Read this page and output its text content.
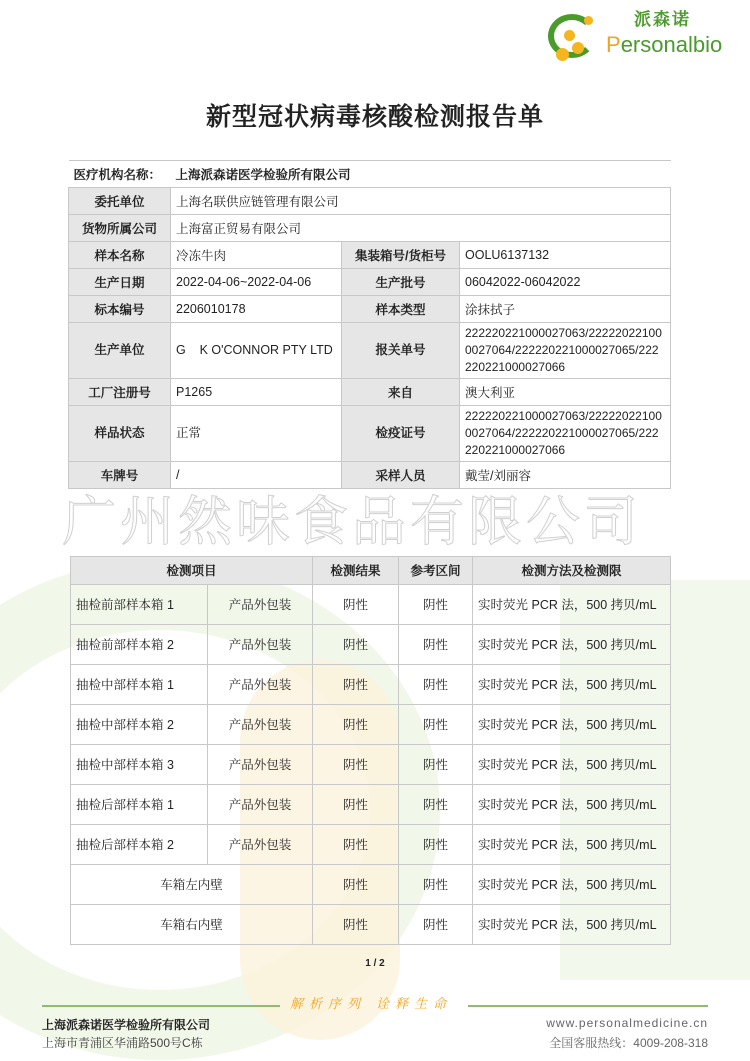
派森诺
Personalbio
新型冠状病毒核酸检测报告单
医疗机构名称：	上海派森诺医学检验所有限公司		
委托单位	上海名联供应链管理有限公司		
货物所属公司	上海富正贸易有限公司		
样本名称	冷冻牛肉	集装箱号/货柜号	OOLU6137132
生产日期	2022-04-06~2022-04-06	生产批号	06042022-06042022
标本编号	2206010178	样本类型	涂抹拭子
生产单位	G    K O'CONNOR PTY LTD	报关单号	222220221000027063/222220221000027064/222220221000027065/222220221000027066
工厂注册号	P1265	来自	澳大利亚
样品状态	正常	检疫证号	222220221000027063/222220221000027064/222220221000027065/222220221000027066
车牌号	/	采样人员	戴莹/刘丽容
广州然味食品有限公司
检测项目		检测结果	参考区间	检测方法及检测限
抽检前部样本箱 1	产品外包装	阴性	阴性	实时荧光 PCR 法，500 拷贝/mL
抽检前部样本箱 2	产品外包装	阴性	阴性	实时荧光 PCR 法，500 拷贝/mL
抽检中部样本箱 1	产品外包装	阴性	阴性	实时荧光 PCR 法，500 拷贝/mL
抽检中部样本箱 2	产品外包装	阴性	阴性	实时荧光 PCR 法，500 拷贝/mL
抽检中部样本箱 3	产品外包装	阴性	阴性	实时荧光 PCR 法，500 拷贝/mL
抽检后部样本箱 1	产品外包装	阴性	阴性	实时荧光 PCR 法，500 拷贝/mL
抽检后部样本箱 2	产品外包装	阴性	阴性	实时荧光 PCR 法，500 拷贝/mL
车箱左内壁		阴性	阴性	实时荧光 PCR 法，500 拷贝/mL
车箱右内壁		阴性	阴性	实时荧光 PCR 法，500 拷贝/mL
1 / 2
解析序列 诠释生命
上海派森诺医学检验所有限公司
上海市青浦区华浦路500号C栋
www.personalmedicine.cn
全国客服热线：4009-208-318
